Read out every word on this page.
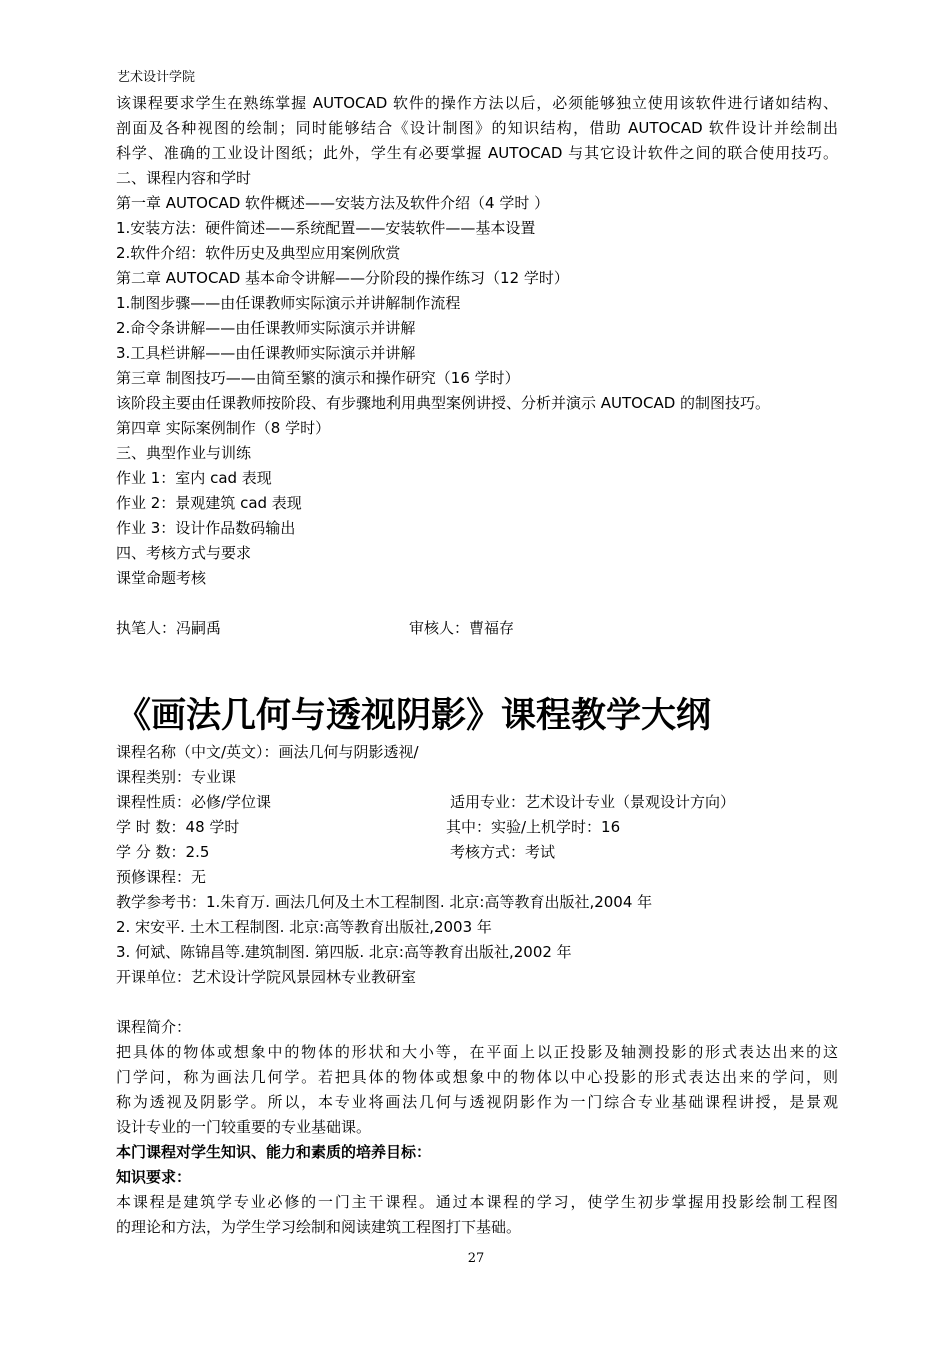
艺术设计学院
该课程要求学生在熟练掌握 AUTOCAD 软件的操作方法以后，必须能够独立使用该软件进行诸如结构、
剖面及各种视图的绘制；同时能够结合《设计制图》的知识结构，借助 AUTOCAD 软件设计并绘制出
科学、准确的工业设计图纸；此外，学生有必要掌握 AUTOCAD 与其它设计软件之间的联合使用技巧。
二、课程内容和学时
第一章 AUTOCAD 软件概述——安装方法及软件介绍（4 学时 ）
1.安装方法：硬件简述——系统配置——安装软件——基本设置
2.软件介绍：软件历史及典型应用案例欣赏
第二章 AUTOCAD 基本命令讲解——分阶段的操作练习（12 学时）
1.制图步骤——由任课教师实际演示并讲解制作流程
2.命令条讲解——由任课教师实际演示并讲解
3.工具栏讲解——由任课教师实际演示并讲解
第三章 制图技巧——由简至繁的演示和操作研究（16 学时）
该阶段主要由任课教师按阶段、有步骤地利用典型案例讲授、分析并演示 AUTOCAD 的制图技巧。
第四章 实际案例制作（8 学时）
三、典型作业与训练
作业 1：室内 cad 表现
作业 2：景观建筑 cad 表现
作业 3：设计作品数码输出
四、考核方式与要求
课堂命题考核
执笔人：冯嗣禹	审核人：曹福存
《画法几何与透视阴影》课程教学大纲
课程名称（中文/英文）：画法几何与阴影透视/
课程类别：专业课
课程性质：必修/学位课	适用专业：艺术设计专业（景观设计方向）
学 时 数：48 学时	其中：实验/上机学时：16
学 分 数：2.5	考核方式：考试
预修课程：无
教学参考书：1.朱育万. 画法几何及土木工程制图. 北京:高等教育出版社,2004 年
2. 宋安平. 土木工程制图. 北京:高等教育出版社,2003 年
3. 何斌、陈锦昌等.建筑制图. 第四版. 北京:高等教育出版社,2002 年
开课单位：艺术设计学院风景园林专业教研室
课程简介：
把具体的物体或想象中的物体的形状和大小等，在平面上以正投影及轴测投影的形式表达出来的这
门学问，称为画法几何学。若把具体的物体或想象中的物体以中心投影的形式表达出来的学问，则
称为透视及阴影学。所以，本专业将画法几何与透视阴影作为一门综合专业基础课程讲授，是景观
设计专业的一门较重要的专业基础课。
本门课程对学生知识、能力和素质的培养目标：
知识要求：
本课程是建筑学专业必修的一门主干课程。通过本课程的学习，使学生初步掌握用投影绘制工程图
的理论和方法，为学生学习绘制和阅读建筑工程图打下基础。
27
